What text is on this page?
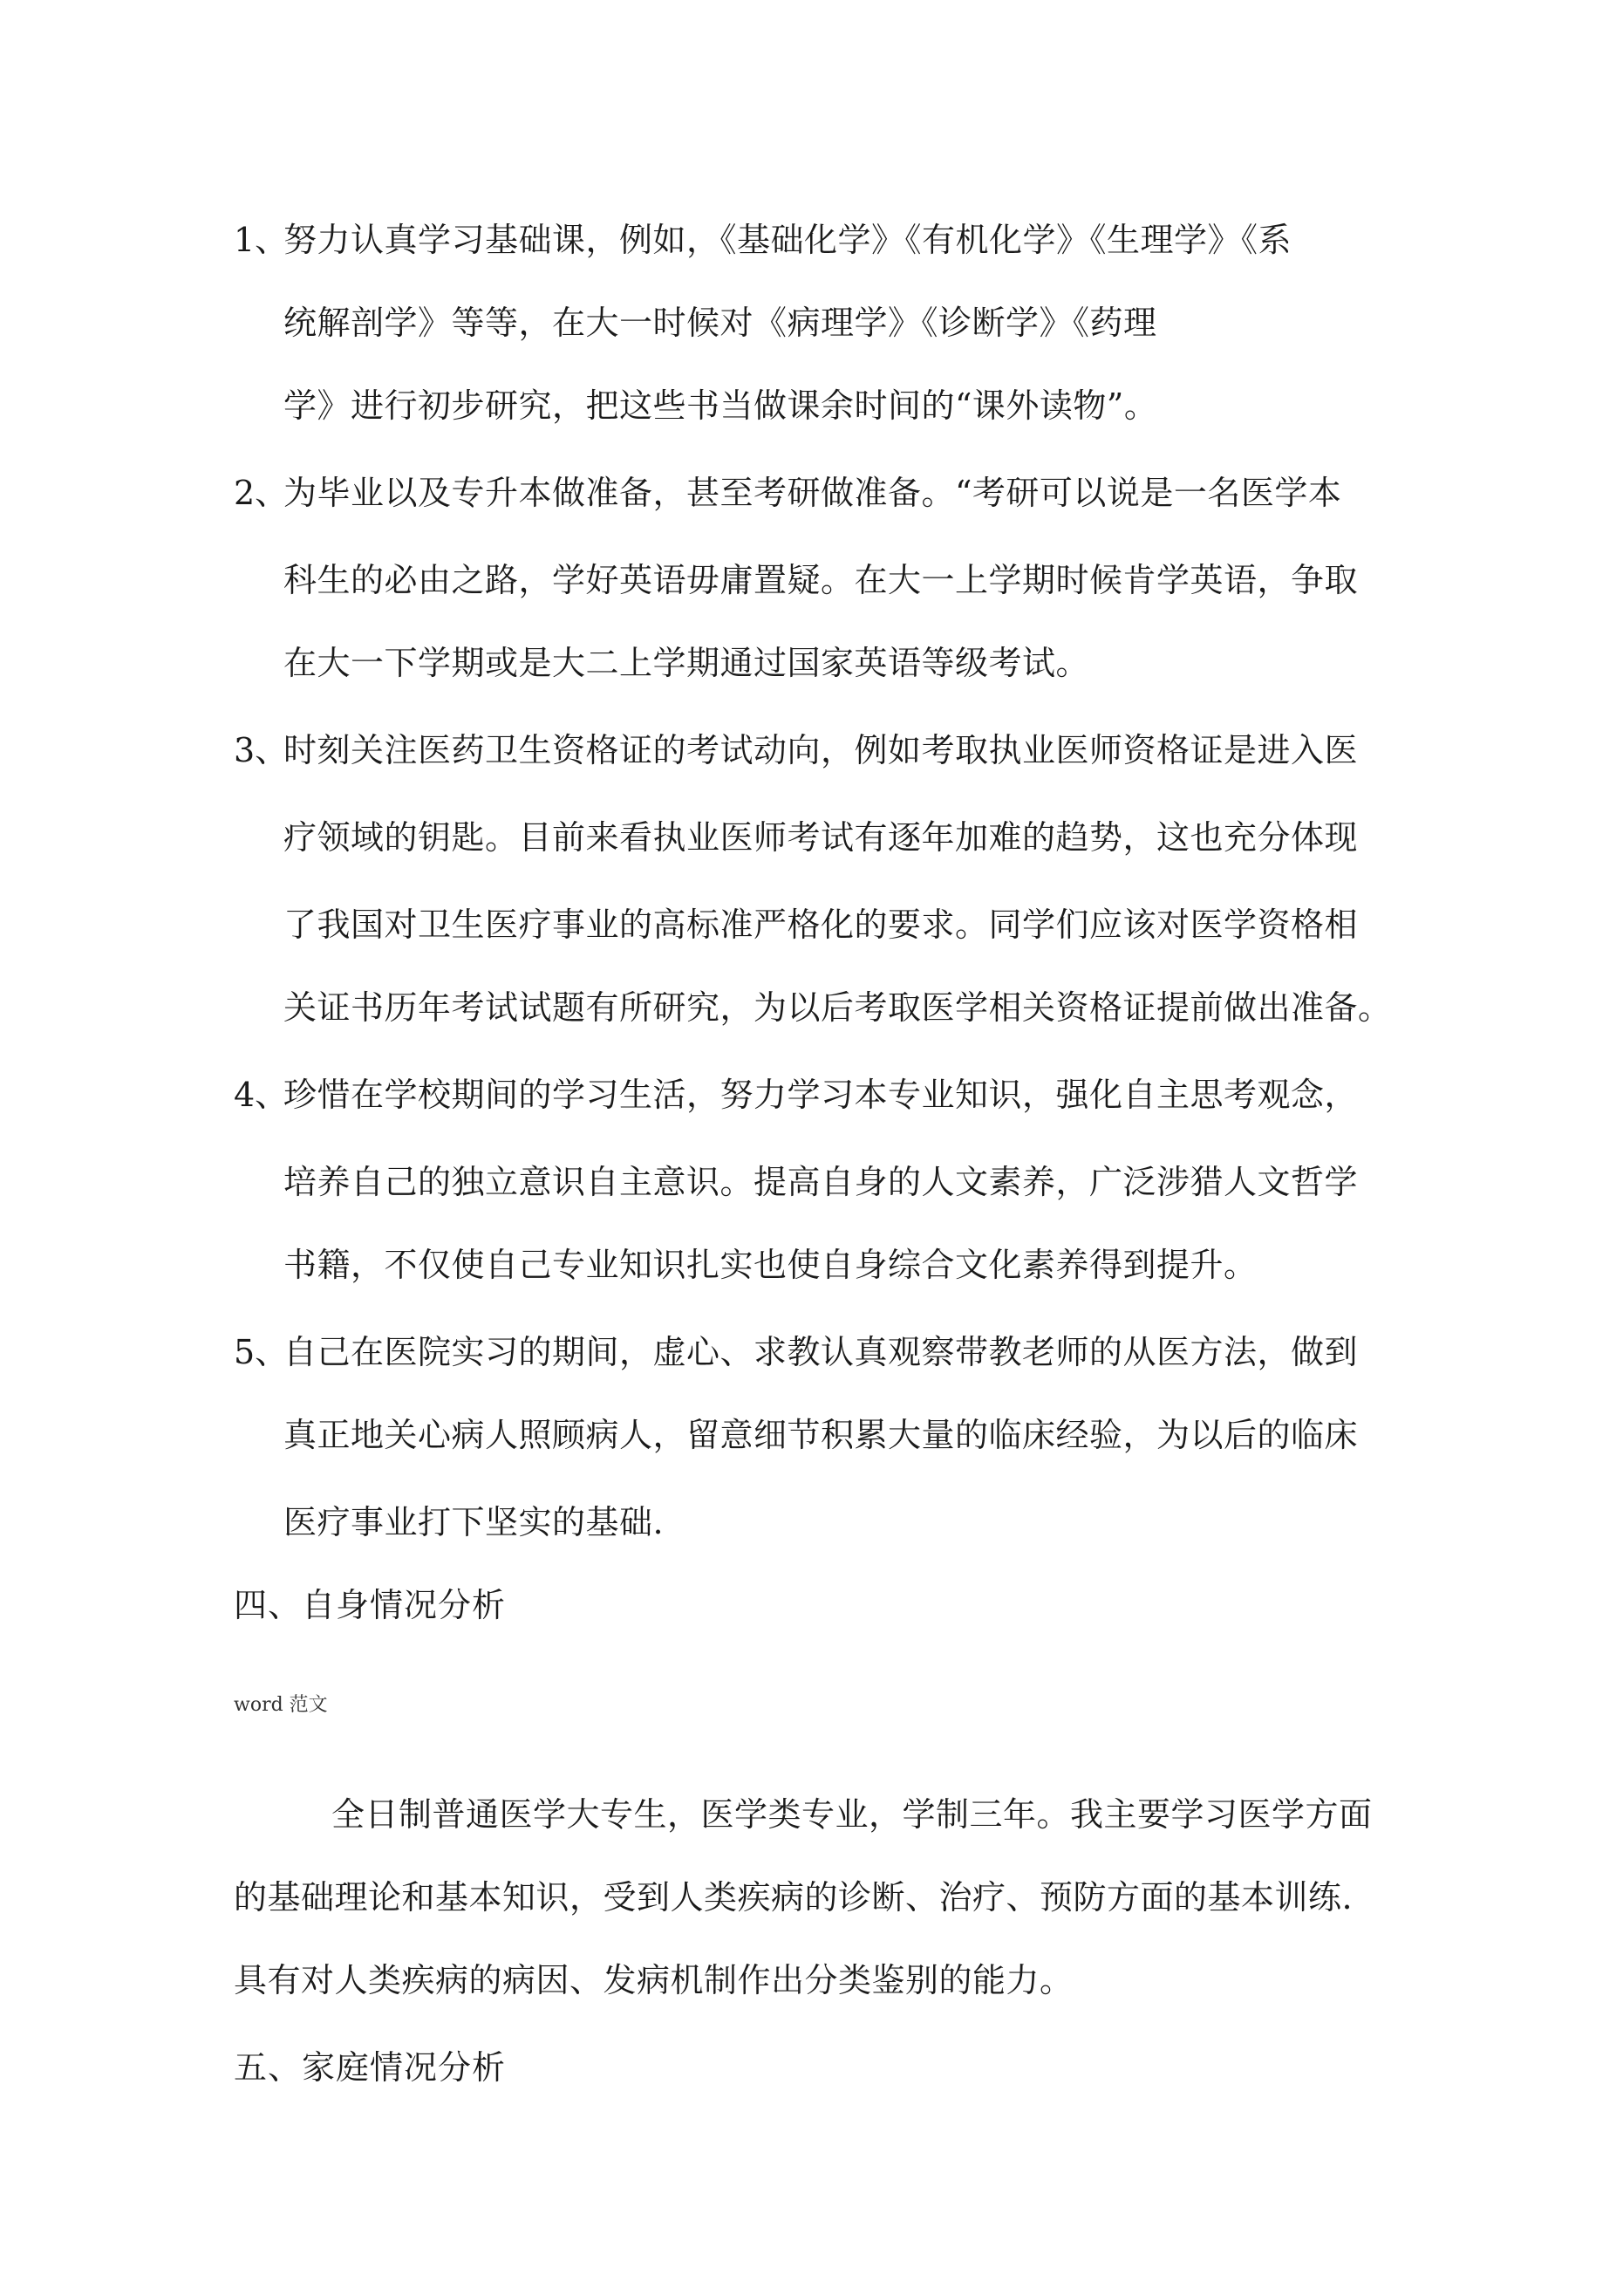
1、
努力认真学习基础课，例如，《基础化学》《有机化学》《生理学》《系
统解剖学》等等，在大一时候对《病理学》《诊断学》《药理
学》进行初步研究，把这些书当做课余时间的“课外读物”。
2、
为毕业以及专升本做准备，甚至考研做准备。“考研可以说是一名医学本
科生的必由之路，学好英语毋庸置疑。在大一上学期时候肯学英语，争取
在大一下学期或是大二上学期通过国家英语等级考试。
3、
时刻关注医药卫生资格证的考试动向，例如考取执业医师资格证是进入医
疗领域的钥匙。目前来看执业医师考试有逐年加难的趋势，这也充分体现
了我国对卫生医疗事业的高标准严格化的要求。同学们应该对医学资格相
关证书历年考试试题有所研究，为以后考取医学相关资格证提前做出准备。
4、
珍惜在学校期间的学习生活，努力学习本专业知识，强化自主思考观念，
培养自己的独立意识自主意识。提高自身的人文素养，广泛涉猎人文哲学
书籍，不仅使自己专业知识扎实也使自身综合文化素养得到提升。
5、
自己在医院实习的期间，虚心、求教认真观察带教老师的从医方法，做到
真正地关心病人照顾病人，留意细节积累大量的临床经验，为以后的临床
医疗事业打下坚实的基础.
四、自身情况分析
word 范文
全日制普通医学大专生，医学类专业，学制三年。我主要学习医学方面
的基础理论和基本知识，受到人类疾病的诊断、治疗、预防方面的基本训练.
具有对人类疾病的病因、发病机制作出分类鉴别的能力。
五、家庭情况分析
